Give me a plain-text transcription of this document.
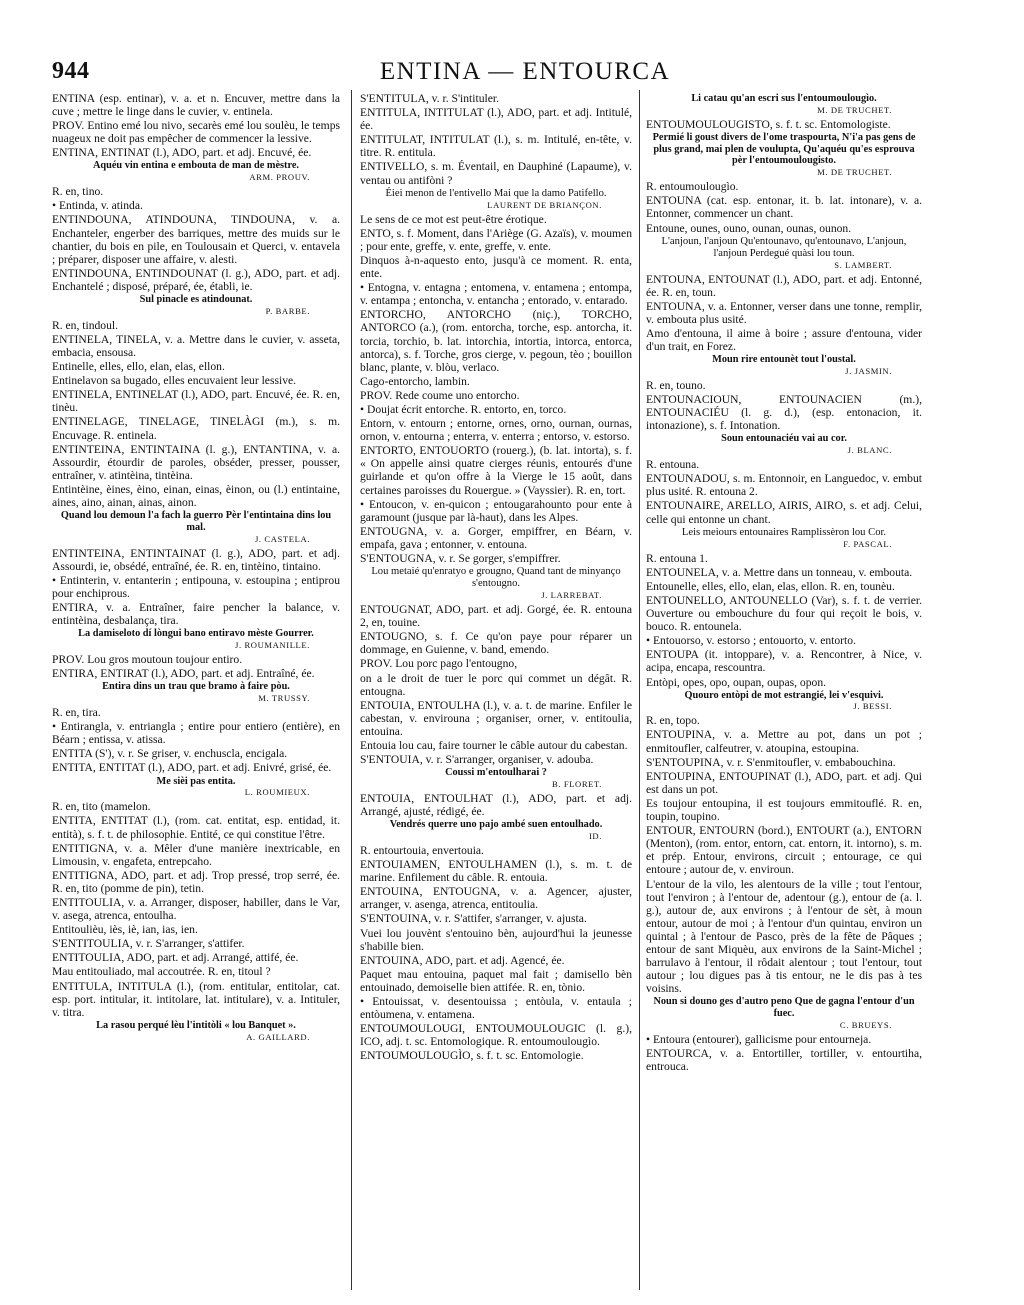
944	ENTINA — ENTOURCA
ENTINA (esp. entinar), v. a. et n. Encuver, mettre dans la cuve ; mettre le linge dans le cuvier, v. entinela.
PROV. Entino emé lou nivo, secarès emé lou soulèu, le temps nuageux ne doit pas empêcher de commencer la lessive.
ENTINA, ENTINAT (l.), ADO, part. et adj. Encuvé, ée.
Aquéu vin entina e embouta de man de mèstre.
ARM. PROUV.
R. en, tino.
• Entinda, v. atinda.
ENTINDOUNA, ATINDOUNA, TINDOUNA, v. a. Enchanteler, engerber des barriques, mettre des muids sur le chantier, du bois en pile, en Toulousain et Querci, v. entavela ; préparer, disposer une affaire, v. alesti.
ENTINDOUNA, ENTINDOUNAT (l. g.), ADO, part. et adj. Enchantelé ; disposé, préparé, ée, établi, ie.
Sul pinacle es atindounat.
P. BARBE.
R. en, tindoul.
ENTINELA, TINELA, v. a. Mettre dans le cuvier, v. asseta, embacia, ensousa.
Entinelle, elles, ello, elan, elas, ellon.
Entinelavon sa bugado, elles encuvaient leur lessive.
ENTINELA, ENTINELAT (l.), ADO, part. Encuvé, ée. R. en, tinèu.
ENTINELAGE, TINELAGE, TINELÀGI (m.), s. m. Encuvage. R. entinela.
ENTINTEINA, ENTINTAINA (l. g.), ENTANTINA, v. a. Assourdir, étourdir de paroles, obséder, presser, pousser, entraîner, v. atintèina, tintèina.
Entintèine, èines, èino, einan, einas, èinon, ou (l.) entintaine, aines, aino, ainan, ainas, ainon.
Quand lou demoun l'a fach la guerro Pèr l'entintaina dins lou mal.
J. CASTELA.
ENTINTEINA, ENTINTAINAT (l. g.), ADO, part. et adj. Assourdi, ie, obsédé, entraîné, ée. R. en, tintèino, tintaino.
• Entinterin, v. entanterin ; entipouna, v. estoupina ; entiprou pour enchiprous.
ENTIRA, v. a. Entraîner, faire pencher la balance, v. entintèina, desbalança, tira.
La damiseloto dí lòngui bano entiravo mèste Gourrer.
J. ROUMANILLE.
PROV. Lou gros moutoun toujour entiro.
ENTIRA, ENTIRAT (l.), ADO, part. et adj. Entraîné, ée.
Entira dins un trau que bramo à faire pòu.
M. TRUSSY.
R. en, tira.
• Entirangla, v. entriangla ; entire pour entiero (entière), en Béarn ; entissa, v. atissa.
ENTITA (S'), v. r. Se griser, v. enchuscla, encigala.
ENTITA, ENTITAT (l.), ADO, part. et adj. Enivré, grisé, ée.
Me sièi pas entita.
L. ROUMIEUX.
R. en, tito (mamelon.
ENTITA, ENTITAT (l.), (rom. cat. entitat, esp. entidad, it. entità), s. f. t. de philosophie. Entité, ce qui constitue l'être.
ENTITIGNA, v. a. Mêler d'une manière inextricable, en Limousin, v. engafeta, entrepcaho.
ENTITIGNA, ADO, part. et adj. Trop pressé, trop serré, ée. R. en, tito (pomme de pin), tetin.
ENTITOULIA, v. a. Arranger, disposer, habiller, dans le Var, v. asega, atrenca, entoulha.
Entitoulièu, iès, iè, ian, ias, ien.
S'ENTITOULIA, v. r. S'arranger, s'attifer.
ENTITOULIA, ADO, part. et adj. Arrangé, attifé, ée.
Mau entitouliado, mal accoutrée. R. en, titoul ?
ENTITULA, INTITULA (l.), (rom. entitular, entitolar, cat. esp. port. intitular, it. intitolare, lat. intitulare), v. a. Intituler, v. titra.
La rasou perqué lèu l'intitòli « lou Banquet ».
A. GAILLARD.
S'ENTITULA, v. r. S'intituler.
ENTITULA, INTITULAT (l.), ADO, part. et adj. Intitulé, ée.
ENTITULAT, INTITULAT (l.), s. m. Intitulé, en-tête, v. titre. R. entitula.
ENTIVELLO, s. m. Éventail, en Dauphiné (Lapaume), v. ventau ou antifòni ?
Éiei menon de l'entivello Mai que la damo Patifello.
LAURENT DE BRIANÇON.
Le sens de ce mot est peut-être érotique.
ENTO, s. f. Moment, dans l'Ariège (G. Azaïs), v. moumen ; pour ente, greffe, v. ente, greffe, v. ente.
Dinquos à-n-aquesto ento, jusqu'à ce moment. R. enta, ente.
• Entogna, v. entagna ; entomena, v. entamena ; entompa, v. entampa ; entoncha, v. entancha ; entorado, v. entarado.
ENTORCHO, ANTORCHO (niç.), TORCHO, ANTORCO (a.), (rom. entorcha, torche, esp. antorcha, it. torcia, torchio, b. lat. intorchia, intortia, intorca, entorca, antorca), s. f. Torche, gros cierge, v. pegoun, tèo ; bouillon blanc, plante, v. blòu, verlaco.
Cago-entorcho, lambin.
PROV. Rede coume uno entorcho.
• Doujat écrit entorche. R. entorto, en, torco.
Entorn, v. entourn ; entorne, ornes, orno, ournan, ournas, ornon, v. entourna ; enterra, v. enterra ; entorso, v. estorso.
ENTORTO, ENTOUORTO (rouerg.), (b. lat. intorta), s. f. « On appelle ainsi quatre cierges réunis, entourés d'une guirlande et qu'on offre à la Vierge le 15 août, dans certaines paroisses du Rouergue. » (Vayssier). R. en, tort.
• Entoucon, v. en-quicon ; entougarahounto pour ente à garamount (jusque par là-haut), dans les Alpes.
ENTOUGNA, v. a. Gorger, empiffrer, en Béarn, v. empafa, gava ; entonner, v. entouna.
S'ENTOUGNA, v. r. Se gorger, s'empiffrer.
Lou metaié qu'enratyo e grougno, Quand tant de minyanço s'entougno.
J. LARREBAT.
ENTOUGNAT, ADO, part. et adj. Gorgé, ée. R. entouna 2, en, touine.
ENTOUGNO, s. f. Ce qu'on paye pour réparer un dommage, en Guienne, v. band, emendo.
PROV. Lou porc pago l'entougno,
on a le droit de tuer le porc qui commet un dégât. R. entougna.
ENTOUIA, ENTOULHA (l.), v. a. t. de marine. Enfiler le cabestan, v. envirouna ; organiser, orner, v. entitoulia, entouina.
Entouia lou cau, faire tourner le câble autour du cabestan.
S'ENTOUIA, v. r. S'arranger, organiser, v. adouba.
Coussi m'entoulharai ?
B. FLORET.
ENTOUIA, ENTOULHAT (l.), ADO, part. et adj. Arrangé, ajusté, rédigé, ée.
Vendrés querre uno pajo ambé suen entoulhado.
ID.
R. entourtouia, envertouia.
ENTOUIAMEN, ENTOULHAMEN (l.), s. m. t. de marine. Enfilement du câble. R. entouia.
ENTOUINA, ENTOUGNA, v. a. Agencer, ajuster, arranger, v. asenga, atrenca, entitoulia.
S'ENTOUINA, v. r. S'attifer, s'arranger, v. ajusta.
Vuei lou jouvènt s'entouino bèn, aujourd'hui la jeunesse s'habille bien.
ENTOUINA, ADO, part. et adj. Agencé, ée.
Paquet mau entouina, paquet mal fait ; damisello bèn entouinado, demoiselle bien attifée. R. en, tònio.
• Entouissat, v. desentouissa ; entòula, v. entaula ; entòumena, v. entamena.
ENTOUMOULOUGI, ENTOUMOULOUGIC (l. g.), ICO, adj. t. sc. Entomologique. R. entoumoulougìo.
ENTOUMOULOUGÌO, s. f. t. sc. Entomologie.
Li catau qu'an escri sus l'entoumoulougìo.
M. DE TRUCHET.
ENTOUMOULOUGISTO, s. f. t. sc. Entomologiste.
Permié li goust divers de l'ome traspourta, N'i'a pas gens de plus grand, mai plen de voulupta, Qu'aquéu qu'es esprouva pèr l'entoumoulougisto.
M. DE TRUCHET.
R. entoumoulougìo.
ENTOUNA (cat. esp. entonar, it. b. lat. intonare), v. a. Entonner, commencer un chant.
Entoune, ounes, ouno, ounan, ounas, ounon.
L'anjoun, l'anjoun Qu'entounavo, qu'entounavo, L'anjoun, l'anjoun Perdegué quàsi lou toun.
S. LAMBERT.
ENTOUNA, ENTOUNAT (l.), ADO, part. et adj. Entonné, ée. R. en, toun.
ENTOUNA, v. a. Entonner, verser dans une tonne, remplir, v. embouta plus usité.
Amo d'entouna, il aime à boire ; assure d'entouna, vider d'un trait, en Forez.
Moun rire entounèt tout l'oustal.
J. JASMIN.
R. en, touno.
ENTOUNACIOUN, ENTOUNACIEN (m.), ENTOUNACIÉU (l. g. d.), (esp. entonacion, it. intonazione), s. f. Intonation.
Soun entounaciéu vai au cor.
J. BLANC.
R. entouna.
ENTOUNADOU, s. m. Entonnoir, en Languedoc, v. embut plus usité. R. entouna 2.
ENTOUNAIRE, ARELLO, AIRIS, AIRO, s. et adj. Celui, celle qui entonne un chant.
Leis meiours entounaires Ramplissèron lou Cor.
F. PASCAL.
R. entouna 1.
ENTOUNELA, v. a. Mettre dans un tonneau, v. embouta.
Entounelle, elles, ello, elan, elas, ellon. R. en, tounèu.
ENTOUNELLO, ANTOUNELLO (Var), s. f. t. de verrier. Ouverture ou embouchure du four qui reçoit le bois, v. bouco. R. entounela.
• Entouorso, v. estorso ; entouorto, v. entorto.
ENTOUPA (it. intoppare), v. a. Rencontrer, à Nice, v. acipa, encapa, rescountra.
Entòpi, opes, opo, oupan, oupas, opon.
Quouro entòpi de mot estrangié, lei v'esquivi.
J. BESSI.
R. en, topo.
ENTOUPINA, v. a. Mettre au pot, dans un pot ; enmitoufler, calfeutrer, v. atoupina, estoupina.
S'ENTOUPINA, v. r. S'enmitoufler, v. embabouchina.
ENTOUPINA, ENTOUPINAT (l.), ADO, part. et adj. Qui est dans un pot.
Es toujour entoupina, il est toujours emmitouflé. R. en, toupin, toupino.
ENTOUR, ENTOURN (bord.), ENTOURT (a.), ENTORN (Menton), (rom. entor, entorn, cat. entorn, it. intorno), s. m. et prép. Entour, environs, circuit ; entourage, ce qui entoure ; autour de, v. enviroun.
L'entour de la vilo, les alentours de la ville ; tout l'entour, tout l'environ ; à l'entour de, adentour (g.), entour de (a. l. g.), autour de, aux environs ; à l'entour de sèt, à moun entour, autour de moi ; à l'entour d'un quintau, environ un quintal ; à l'entour de Pasco, près de la fête de Pâques ; entour de sant Miquèu, aux environs de la Saint-Michel ; barrulavo à l'entour, il rôdait alentour ; tout l'entour, tout autour ; lou digues pas à tis entour, ne le dis pas à tes voisins.
Noun si douno ges d'autro peno Que de gagna l'entour d'un fuec.
C. BRUEYS.
• Entoura (entourer), gallicisme pour entourneja.
ENTOURCA, v. a. Entortiller, tortiller, v. entourtiha, entrouca.
